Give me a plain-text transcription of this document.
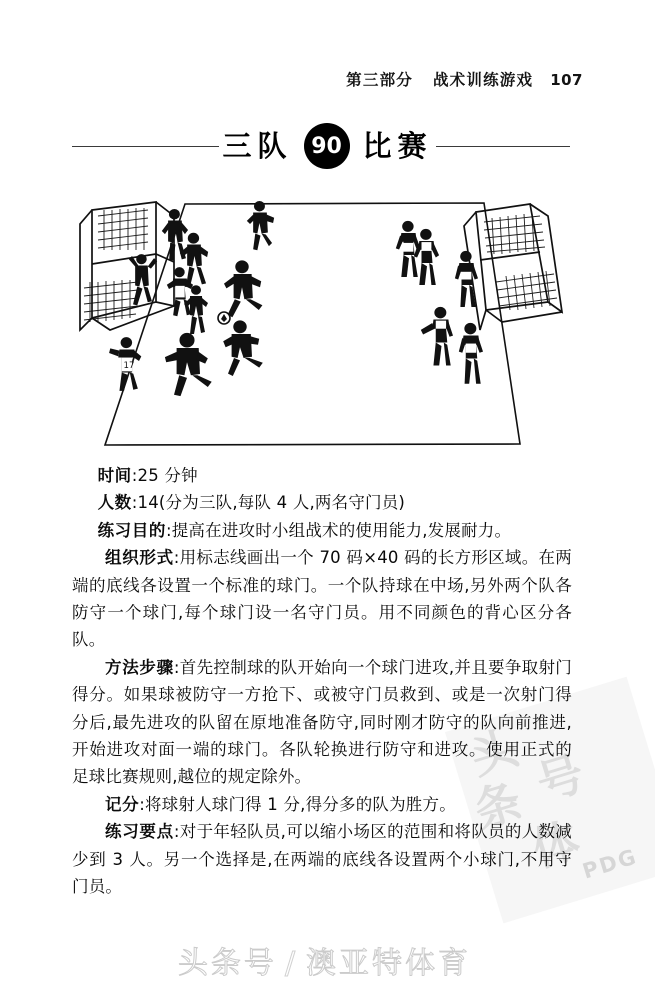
第三部分 战术训练游戏 107
三队 90 比赛
17

时间:25 分钟

人数:14(分为三队,每队 4 人,两名守门员)

练习目的:提高在进攻时小组战术的使用能力,发展耐力。

组织形式:用标志线画出一个 70 码×40 码的长方形区域。在两端的底线各设置一个标准的球门。一个队持球在中场,另外两个队各防守一个球门,每个球门设一名守门员。用不同颜色的背心区分各队。

方法步骤:首先控制球的队开始向一个球门进攻,并且要争取射门得分。如果球被防守一方抢下、或被守门员救到、或是一次射门得分后,最先进攻的队留在原地准备防守,同时刚才防守的队向前推进,开始进攻对面一端的球门。各队轮换进行防守和进攻。使用正式的足球比赛规则,越位的规定除外。

记分:将球射人球门得 1 分,得分多的队为胜方。

练习要点:对于年轻队员,可以缩小场区的范围和将队员的人数减少到 3 人。另一个选择是,在两端的底线各设置两个小球门,不用守门员。

头
条 号
体
PDG
头条号 / 澳亚特体育
